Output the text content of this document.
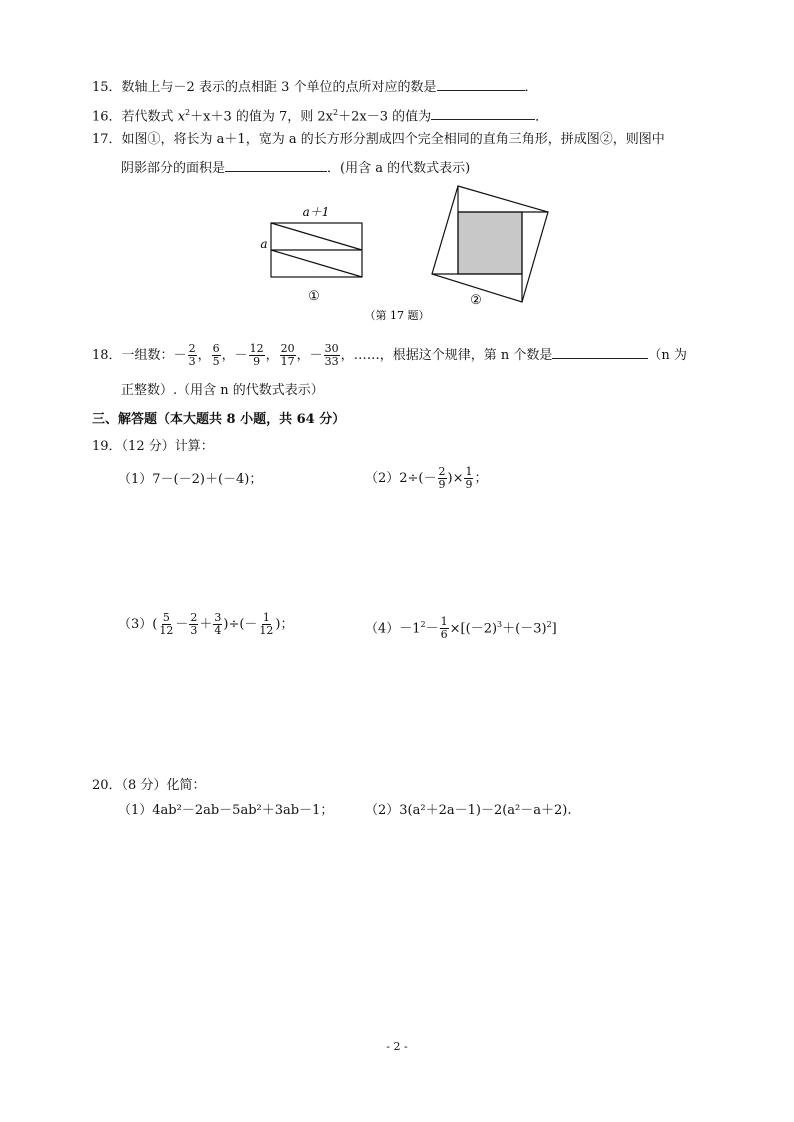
15．数轴上与－2 表示的点相距 3 个单位的点所对应的数是	．
16．若代数式 $x^2+x+3$ 的值为 7，则 $2x^2+2x-3$ 的值为	．
17．如图①，将长为 a＋1，宽为 a 的长方形分割成四个完全相同的直角三角形，拼成图②，则图中
阴影部分的面积是	．(用含 a 的代数式表示)
a＋1
a
①	②
（第 17 题）
18．一组数：－ $\frac{2}{3}$ ， $\frac{6}{5}$ ，－ $\frac{12}{9}$ ， $\frac{20}{17}$ ，－ $\frac{30}{33}$ ，……，根据这个规律，第 n 个数是	（n 为
正整数）.（用含 n 的代数式表示）
三、解答题（本大题共 8 小题，共 64 分）
19．（12 分）计算：
（1）7－(－2)＋(－4)；	$(2)2\div(- \frac{2}{9}$ )× $\frac{1}{9}$ ；
$(3)( \frac{5}{12} - \frac{2}{3} + \frac{3}{4}$ )÷(－ $\frac{1}{12}$ )；	$(4)-1^2- \frac{1}{6} \times[(-2)^3+(-3)^2]$
20．（8 分）化简：
（1）4ab²－2ab－5ab²＋3ab－1； （2）3(a²＋2a－1)－2(a²－a＋2).
- 2 -
